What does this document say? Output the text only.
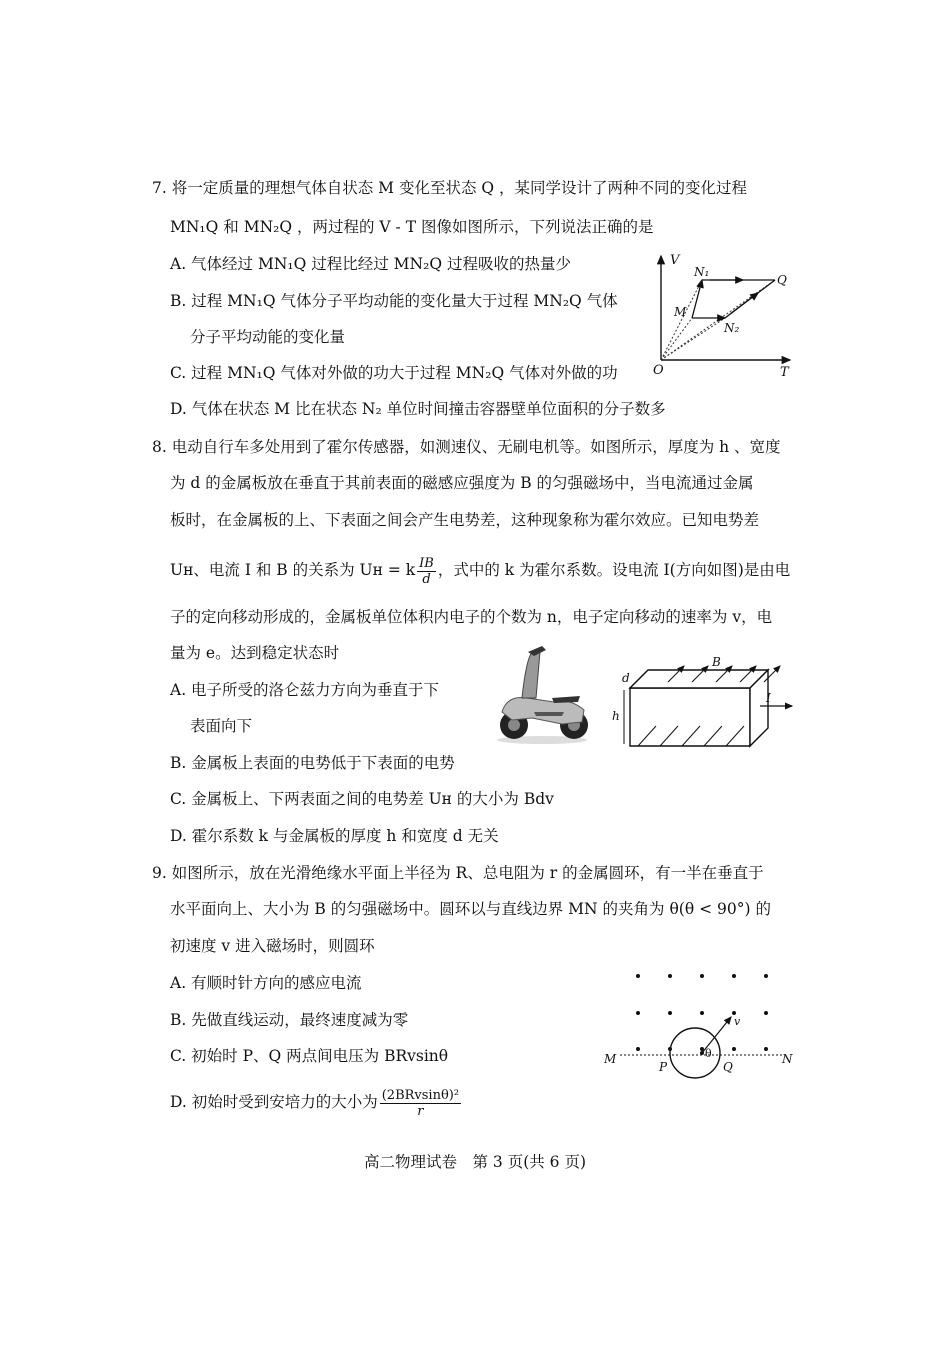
7. 将一定质量的理想气体自状态 M 变化至状态 Q ，某同学设计了两种不同的变化过程
MN₁Q 和 MN₂Q ，两过程的 V - T 图像如图所示，下列说法正确的是
A. 气体经过 MN₁Q 过程比经过 MN₂Q 过程吸收的热量少
B. 过程 MN₁Q 气体分子平均动能的变化量大于过程 MN₂Q 气体
分子平均动能的变化量
C. 过程 MN₁Q 气体对外做的功大于过程 MN₂Q 气体对外做的功
D. 气体在状态 M 比在状态 N₂ 单位时间撞击容器壁单位面积的分子数多
V
T
O
N₁
N₂
M
Q
8. 电动自行车多处用到了霍尔传感器，如测速仪、无刷电机等。如图所示，厚度为 h 、宽度
为 d 的金属板放在垂直于其前表面的磁感应强度为 B 的匀强磁场中，当电流通过金属
板时，在金属板的上、下表面之间会产生电势差，这种现象称为霍尔效应。已知电势差
Uн、电流 I 和 B 的关系为 Uн = k $\frac{IB}{d}$ ，式中的 k 为霍尔系数。设电流 I(方向如图)是由电
子的定向移动形成的，金属板单位体积内电子的个数为 n，电子定向移动的速率为 v，电
量为 e。达到稳定状态时
A. 电子所受的洛仑兹力方向为垂直于下
表面向下
B. 金属板上表面的电势低于下表面的电势
C. 金属板上、下两表面之间的电势差 Uн 的大小为 Bdv
D. 霍尔系数 k 与金属板的厚度 h 和宽度 d 无关
d
B
h
I
9. 如图所示，放在光滑绝缘水平面上半径为 R、总电阻为 r 的金属圆环，有一半在垂直于
水平面向上、大小为 B 的匀强磁场中。圆环以与直线边界 MN 的夹角为 θ(θ < 90°) 的
初速度 v 进入磁场时，则圆环
A. 有顺时针方向的感应电流
B. 先做直线运动，最终速度减为零
C. 初始时 P、Q 两点间电压为 BRvsinθ
D. 初始时受到安培力的大小为 $\frac{\text{(2BRvsinθ)²}}{r}$
M	N
P	Q
v
θ
高二物理试卷　第 3 页(共 6 页)
